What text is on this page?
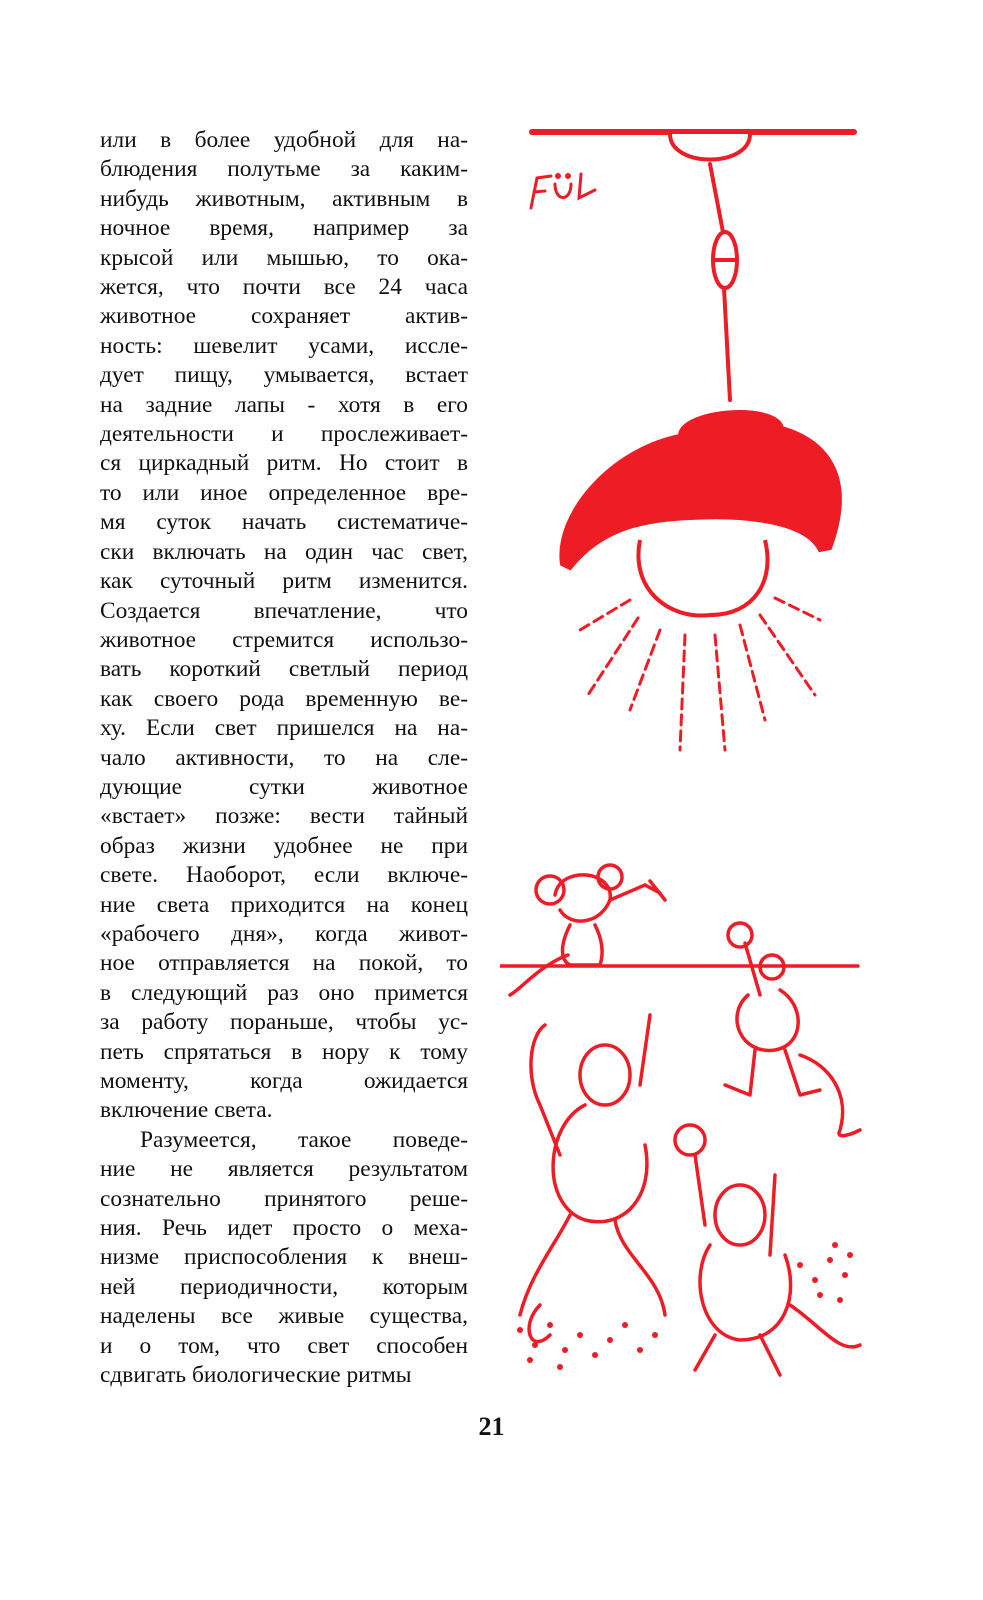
или в более удобной для на-
блюдения полутьме за каким-
нибудь животным, активным в
ночное время, например за
крысой или мышью, то ока-
жется, что почти все 24 часа
животное сохраняет актив-
ность: шевелит усами, иссле-
дует пищу, умывается, встает
на задние лапы - хотя в его
деятельности и прослеживает-
ся циркадный ритм. Но стоит в
то или иное определенное вре-
мя суток начать систематиче-
ски включать на один час свет,
как суточный ритм изменится.
Создается впечатление, что
животное стремится использо-
вать короткий светлый период
как своего рода временную ве-
ху. Если свет пришелся на на-
чало активности, то на сле-
дующие сутки животное
«встает» позже: вести тайный
образ жизни удобнее не при
свете. Наоборот, если включе-
ние света приходится на конец
«рабочего дня», когда живот-
ное отправляется на покой, то
в следующий раз оно примется
за работу пораньше, чтобы ус-
петь спрятаться в нору к тому
моменту, когда ожидается
включение света.
Разумеется, такое поведе-
ние не является результатом
сознательно принятого реше-
ния. Речь идет просто о меха-
низме приспособления к внеш-
ней периодичности, которым
наделены все живые существа,
и о том, что свет способен
сдвигать биологические ритмы
21
